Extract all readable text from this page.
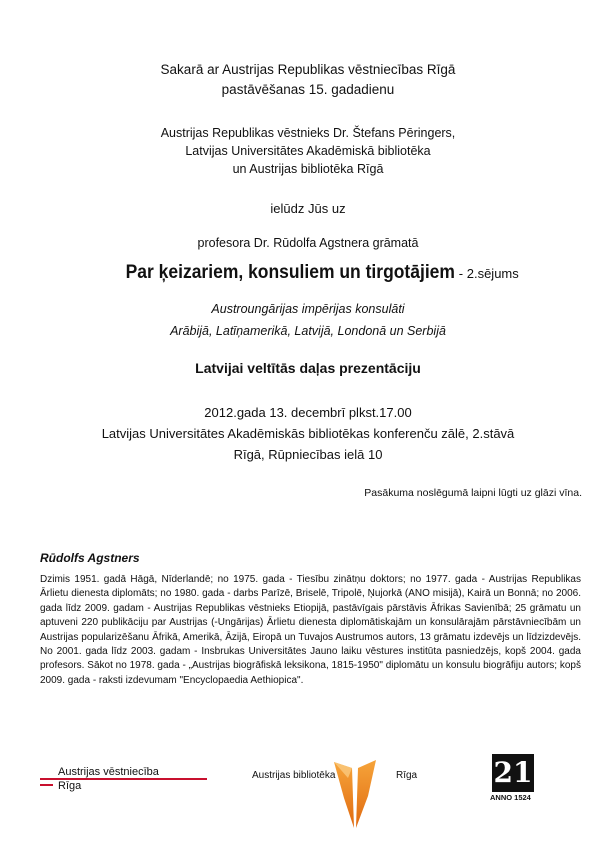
Sakarā ar Austrijas Republikas vēstniecības Rīgā
pastāvēšanas 15. gadadienu
Austrijas Republikas vēstnieks Dr. Štefans Pēringers,
Latvijas Universitātes Akadēmiskā bibliotēka
un Austrijas bibliotēka Rīgā
ielūdz Jūs uz
profesora Dr. Rūdolfa Agstnera grāmatā
Par ķeizariem, konsuliem un tirgotājiem - 2.sējums
Austroungārijas impērijas konsulāti
Arābijā, Latīņamerikā, Latvijā, Londonā un Serbijā
Latvijai veltītās daļas prezentāciju
2012.gada 13. decembrī plkst.17.00
Latvijas Universitātes Akadēmiskās bibliotēkas konferenču zālē, 2.stāvā
Rīgā, Rūpniecības ielā 10
Pasākuma noslēgumā laipni lūgti uz glāzi vīna.
Rūdolfs Agstners
Dzimis 1951. gadā Hāgā, Nīderlandē; no 1975. gada - Tiesību zinātņu doktors; no 1977. gada - Austrijas Republikas Ārlietu dienesta diplomāts; no 1980. gada - darbs Parīzē, Briselē, Tripolē, Ņujorkā (ANO misijā), Kairā un Bonnā; no 2006. gada līdz 2009. gadam - Austrijas Republikas vēstnieks Etiopijā, pastāvīgais pārstāvis Āfrikas Savienībā; 25 grāmatu un aptuveni 220 publikāciju par Austrijas (-Ungārijas) Ārlietu dienesta diplomātiskajām un konsulārajām pārstāvniecībām un Austrijas popularizēšanu Āfrikā, Amerikā, Āzijā, Eiropā un Tuvajos Austrumos autors, 13 grāmatu izdevējs un līdzizdevējs. No 2001. gada līdz 2003. gadam - Insbrukas Universitātes Jauno laiku vēstures institūta pasniedzējs, kopš 2004. gada profesors. Sākot no 1978. gada - „Austrijas biogrāfiskā leksikona, 1815-1950" diplomātu un konsulu biogrāfiju autors; kopš 2009. gada - raksti izdevumam "Encyclopaedia Aethiopica".
Austrijas vēstniecība
Rīga
Austrijas bibliotēka	Rīga	21
ANNO 1524
